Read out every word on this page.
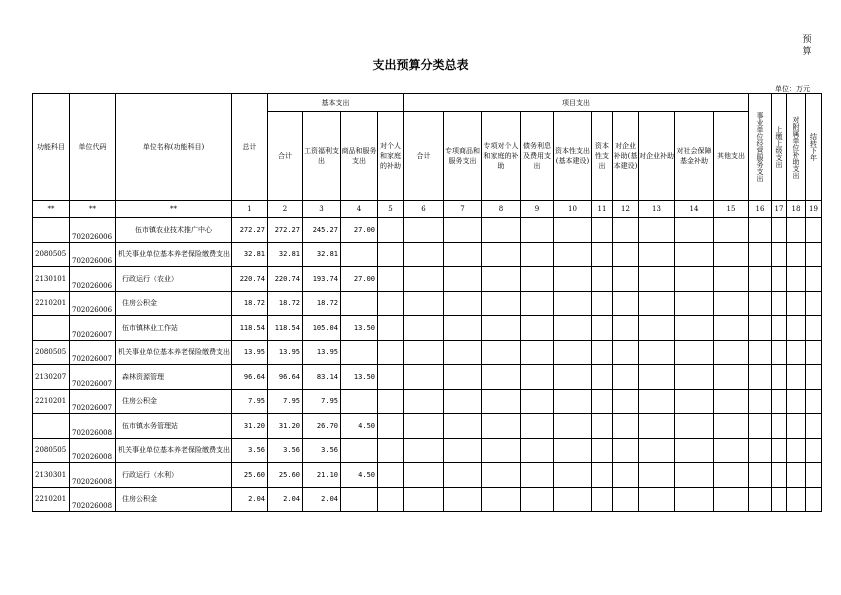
预 算
支出预算分类总表
单位：万元
功能科目	单位代码	单位名称(功能科目)	总计	基本支出				项目支出										事业单位经营服务支出	上缴上级支出	对附属单位补助支出	结转下年

				合计	工资福利支出	商品和服务支出	对个人和家庭的补助	合计	专项商品和服务支出	专项对个人和家庭的补助	债务利息及费用支出	资本性支出(基本建设)	资本性支出	对企业补助(基本建设)	对企业补助	对社会保障基金补助	其他支出				
**	**	**	1	2	3	4	5	6	7	8	9	10	11	12	13	14	15	16	17	18	19
	702026006	伍市镇农业技术推广中心	272.27	272.27	245.27	27.00															
2080505	702026006	机关事业单位基本养老保险缴费支出	32.81	32.81	32.81																
2130101	702026006	行政运行（农业）	220.74	220.74	193.74	27.00															
2210201	702026006	住房公积金	18.72	18.72	18.72																
	702026007	伍市镇林业工作站	118.54	118.54	105.04	13.50															
2080505	702026007	机关事业单位基本养老保险缴费支出	13.95	13.95	13.95																
2130207	702026007	森林资源管理	96.64	96.64	83.14	13.50															
2210201	702026007	住房公积金	7.95	7.95	7.95																
	702026008	伍市镇水务管理站	31.20	31.20	26.70	4.50															
2080505	702026008	机关事业单位基本养老保险缴费支出	3.56	3.56	3.56																
2130301	702026008	行政运行（水利）	25.60	25.60	21.10	4.50															
2210201	702026008	住房公积金	2.04	2.04	2.04																
